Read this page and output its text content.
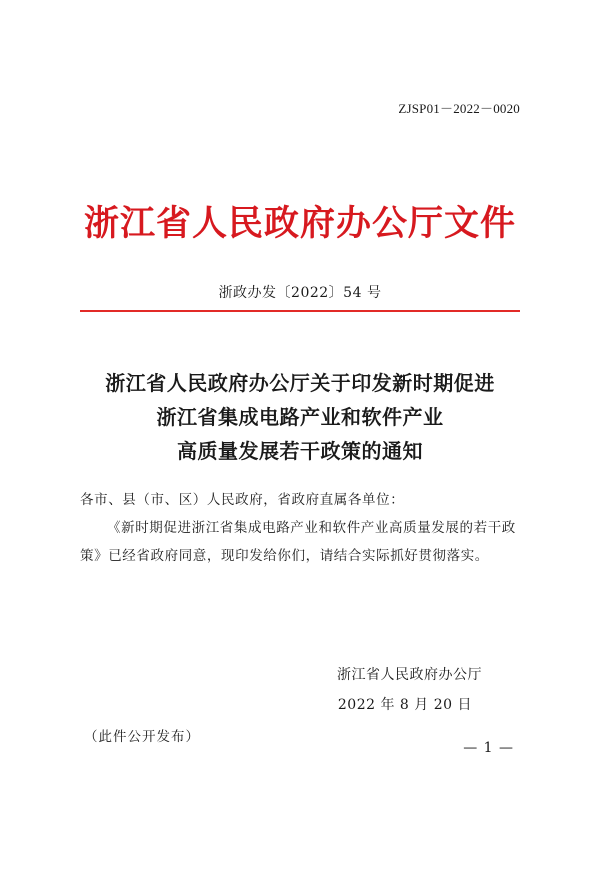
ZJSP01－2022－0020
浙江省人民政府办公厅文件
浙政办发〔2022〕54 号
浙江省人民政府办公厅关于印发新时期促进
浙江省集成电路产业和软件产业
高质量发展若干政策的通知

各市、县（市、区）人民政府，省政府直属各单位：

《新时期促进浙江省集成电路产业和软件产业高质量发展的若干政策》已经省政府同意，现印发给你们，请结合实际抓好贯彻落实。

浙江省人民政府办公厅
2022 年 8 月 20 日
（此件公开发布）
— 1 —
